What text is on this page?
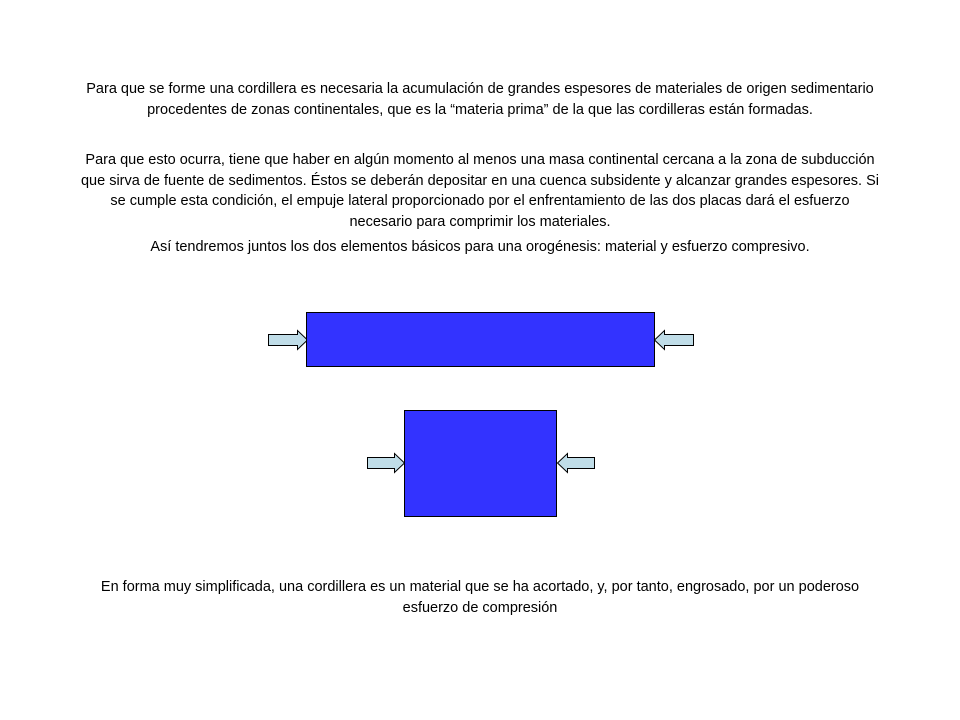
Para que se forme una cordillera es necesaria la acumulación de grandes espesores de materiales de origen sedimentario procedentes de zonas continentales, que es la “materia prima” de la que las cordilleras están formadas.
Para que esto ocurra, tiene que haber en algún momento al menos una masa continental cercana a la zona de subducción que sirva de fuente de sedimentos. Éstos se deberán depositar en una cuenca subsidente y alcanzar grandes espesores. Si se cumple esta condición, el empuje lateral proporcionado por el enfrentamiento de las dos placas dará el esfuerzo necesario para comprimir los materiales.
Así tendremos juntos los dos elementos básicos para una orogénesis: material y esfuerzo compresivo.
En forma muy simplificada, una cordillera es un material que se ha acortado, y, por tanto, engrosado, por un poderoso esfuerzo de compresión
